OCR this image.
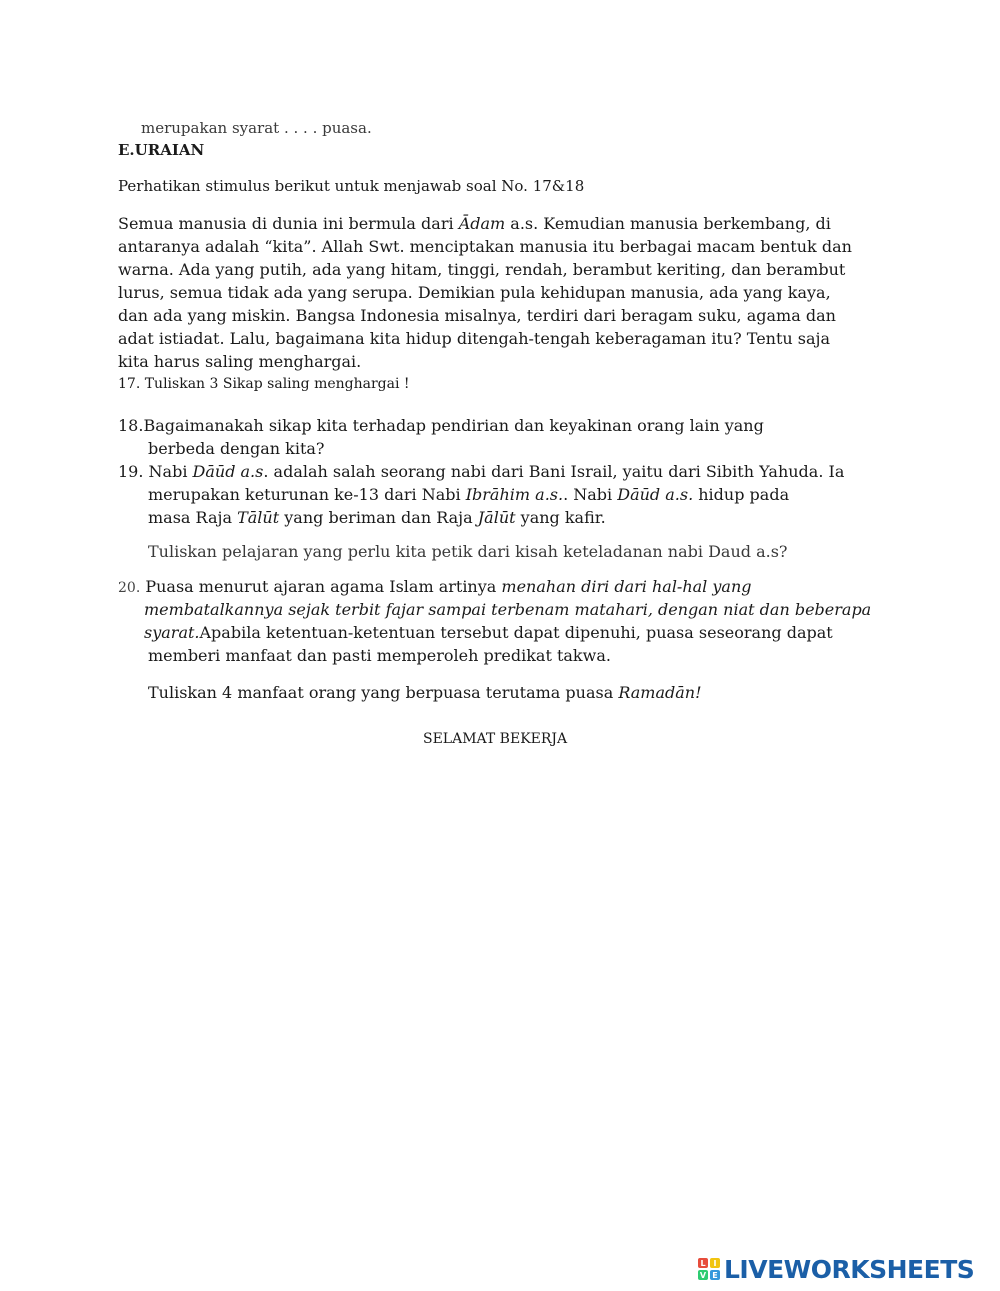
merupakan syarat . . . . puasa.
E.URAIAN
Perhatikan stimulus berikut untuk menjawab soal No. 17&18
Semua manusia di dunia ini bermula dari Ādam a.s. Kemudian manusia berkembang, di
antaranya adalah “kita”. Allah Swt. menciptakan manusia itu berbagai macam bentuk dan
warna. Ada yang putih, ada yang hitam, tinggi, rendah, berambut keriting, dan berambut
lurus, semua tidak ada yang serupa. Demikian pula kehidupan manusia, ada yang kaya,
dan ada yang miskin. Bangsa Indonesia misalnya, terdiri dari beragam suku, agama dan
adat istiadat. Lalu, bagaimana kita hidup ditengah-tengah keberagaman itu? Tentu saja
kita harus saling menghargai.
17. Tuliskan 3 Sikap saling menghargai !
18.Bagaimanakah sikap kita terhadap pendirian dan keyakinan orang lain yang
berbeda dengan kita?
19. Nabi Dāūd a.s. adalah salah seorang nabi dari Bani Israil, yaitu dari Sibith Yahuda. Ia
merupakan keturunan ke-13 dari Nabi Ibrāhim a.s.. Nabi Dāūd a.s. hidup pada
masa Raja Tālūt yang beriman dan Raja Jālūt yang kafir.
Tuliskan pelajaran yang perlu kita petik dari kisah keteladanan nabi Daud a.s?
20. Puasa menurut ajaran agama Islam artinya menahan diri dari hal-hal yang
membatalkannya sejak terbit fajar sampai terbenam matahari, dengan niat dan beberapa
syarat.Apabila ketentuan-ketentuan tersebut dapat dipenuhi, puasa seseorang dapat
memberi manfaat dan pasti memperoleh predikat takwa.
Tuliskan 4 manfaat orang yang berpuasa terutama puasa Ramadān!
SELAMAT BEKERJA
L I
V E LIVEWORKSHEETS
